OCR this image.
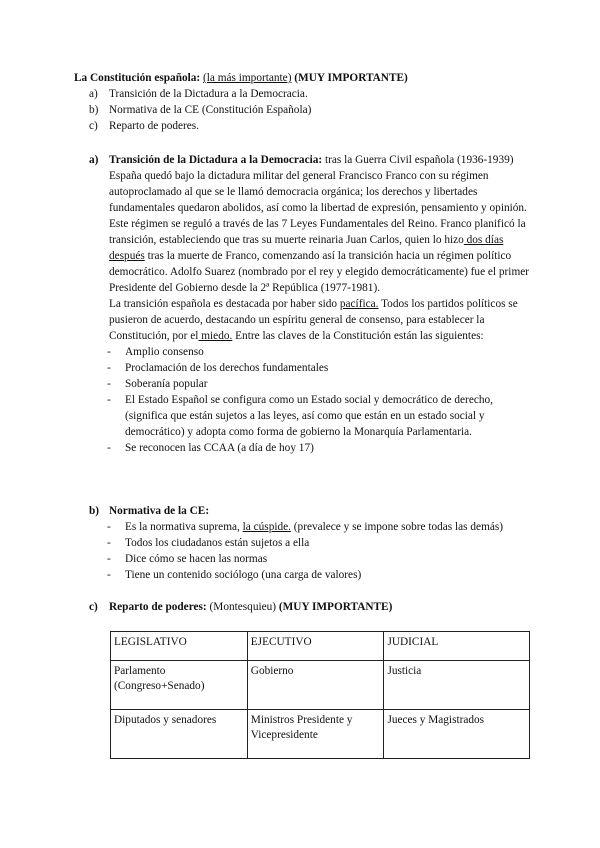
La Constitución española: (la más importante) (MUY IMPORTANTE)
a) Transición de la Dictadura a la Democracia.
b) Normativa de la CE (Constitución Española)
c) Reparto de poderes.
a) Transición de la Dictadura a la Democracia: tras la Guerra Civil española (1936-1939) España quedó bajo la dictadura militar del general Francisco Franco con su régimen autoproclamado al que se le llamó democracia orgánica; los derechos y libertades fundamentales quedaron abolidos, así como la libertad de expresión, pensamiento y opinión. Este régimen se reguló a través de las 7 Leyes Fundamentales del Reino. Franco planificó la transición, estableciendo que tras su muerte reinaria Juan Carlos, quien lo hizo dos días después tras la muerte de Franco, comenzando así la transición hacia un régimen político democrático. Adolfo Suarez (nombrado por el rey y elegido democráticamente) fue el primer Presidente del Gobierno desde la 2ª República (1977-1981).
La transición española es destacada por haber sido pacífica. Todos los partidos políticos se pusieron de acuerdo, destacando un espíritu general de consenso, para establecer la Constitución, por el miedo. Entre las claves de la Constitución están las siguientes:
- Amplio consenso
- Proclamación de los derechos fundamentales
- Soberanía popular
- El Estado Español se configura como un Estado social y democrático de derecho,(significa que están sujetos a las leyes, así como que están en un estado social y democrático) y adopta como forma de gobierno la Monarquía Parlamentaria.
- Se reconocen las CCAA (a día de hoy 17)
b) Normativa de la CE:
- Es la normativa suprema, la cúspide. (prevalece y se impone sobre todas las demás)
- Todos los ciudadanos están sujetos a ella
- Dice cómo se hacen las normas
- Tiene un contenido sociólogo (una carga de valores)
c) Reparto de poderes: (Montesquieu) (MUY IMPORTANTE)
LEGISLATIVO	EJECUTIVO	JUDICIAL
Parlamento (Congreso+Senado)	Gobierno	Justicia
Diputados y senadores	Ministros Presidente y Vicepresidente	Jueces y Magistrados
